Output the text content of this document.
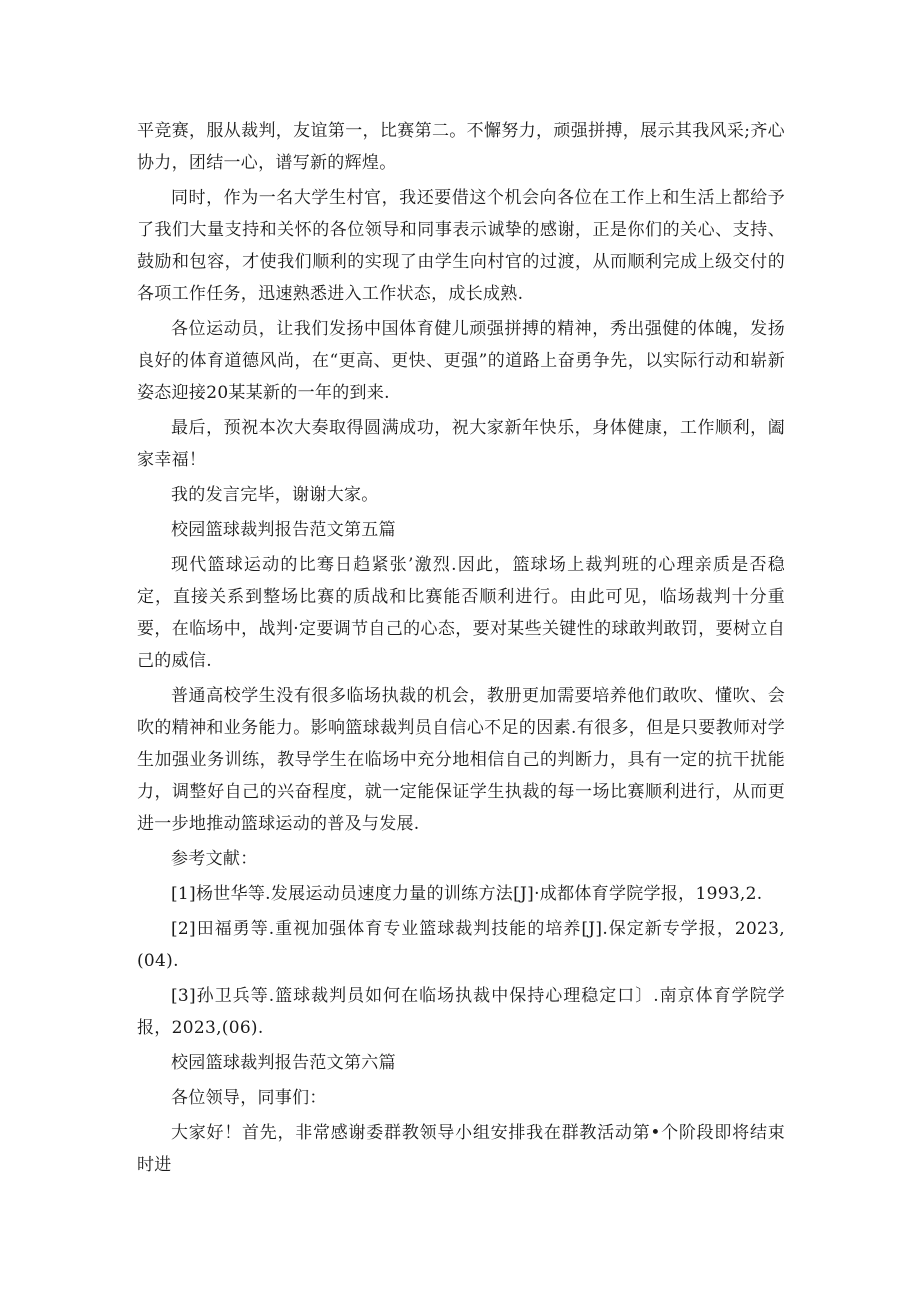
平竞赛，服从裁判，友谊第一，比赛第二。不懈努力，顽强拼搏，展示其我风采;齐心协力，团结一心，谱写新的辉煌。

同时，作为一名大学生村官，我还要借这个机会向各位在工作上和生活上都给予了我们大量支持和关怀的各位领导和同事表示诚挚的感谢，正是你们的关心、支持、鼓励和包容，才使我们顺利的实现了由学生向村官的过渡，从而顺利完成上级交付的各项工作任务，迅速熟悉进入工作状态，成长成熟.

各位运动员，让我们发扬中国体育健儿顽强拼搏的精神，秀出强健的体魄，发扬良好的体育道德风尚，在“更高、更快、更强”的道路上奋勇争先，以实际行动和崭新姿态迎接20某某新的一年的到来.

最后，预祝本次大奏取得圆满成功，祝大家新年快乐，身体健康，工作顺利，阖家幸福！

我的发言完毕，谢谢大家。

校园篮球裁判报告范文第五篇

现代篮球运动的比骞日趋紧张’激烈.因此，篮球场上裁判班的心理亲质是否稳定，直接关系到整场比赛的质战和比赛能否顺利进行。由此可见，临场裁判十分重要，在临场中，战判·定要调节自己的心态，要对某些关键性的球敢判敢罚，要树立自己的威信.

普通高校学生没有很多临场执裁的机会，教册更加需要培养他们敢吹、懂吹、会吹的精神和业务能力。影响篮球裁判员自信心不足的因素.有很多，但是只要教师对学生加强业务训练，教导学生在临场中充分地相信自己的判断力，具有一定的抗干扰能力，调整好自己的兴奋程度，就一定能保证学生执裁的每一场比赛顺利进行，从而更进一步地推动篮球运动的普及与发展.

参考文献：

[1]杨世华等.发展运动员速度力量的训练方法[J]·成都体育学院学报，1993,2.

[2]田福勇等.重视加强体育专业篮球裁判技能的培养[J].保定新专学报，2023,(04).

[3]孙卫兵等.篮球裁判员如何在临场执裁中保持心理稳定口〕.南京体育学院学报，2023,(06).

校园篮球裁判报告范文第六篇

各位领导，同事们：

大家好！首先，非常感谢委群教领导小组安排我在群教活动第•个阶段即将结束时进
